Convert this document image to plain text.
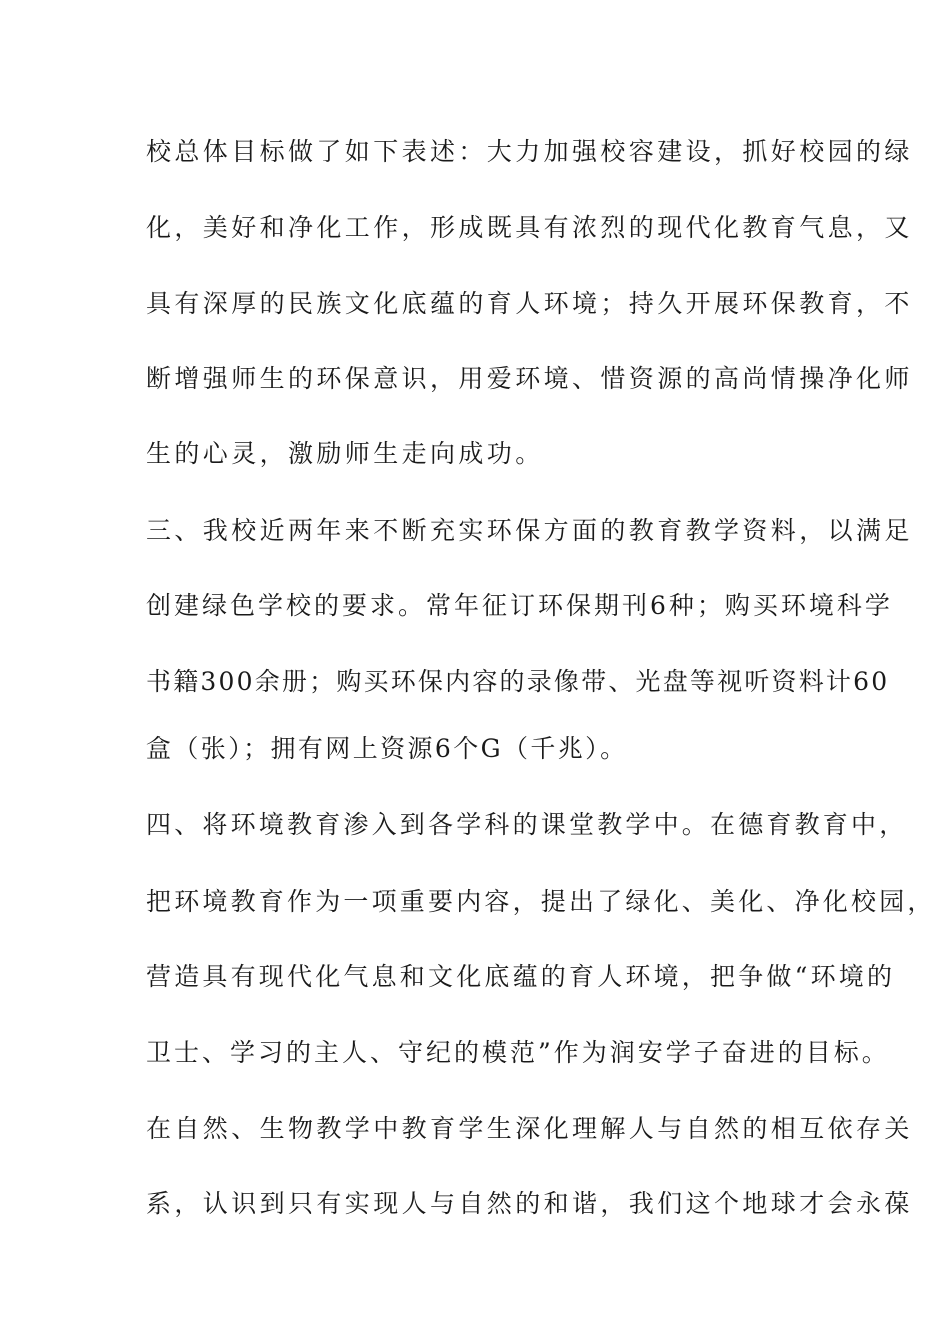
校总体目标做了如下表述：大力加强校容建设，抓好校园的绿
化，美好和净化工作，形成既具有浓烈的现代化教育气息，又
具有深厚的民族文化底蕴的育人环境；持久开展环保教育，不
断增强师生的环保意识，用爱环境、惜资源的高尚情操净化师
生的心灵，激励师生走向成功。
三、我校近两年来不断充实环保方面的教育教学资料，以满足
创建绿色学校的要求。常年征订环保期刊6种；购买环境科学
书籍300余册；购买环保内容的录像带、光盘等视听资料计60
盒（张）；拥有网上资源6个G（千兆）。
四、将环境教育渗入到各学科的课堂教学中。在德育教育中，
把环境教育作为一项重要内容，提出了绿化、美化、净化校园，
营造具有现代化气息和文化底蕴的育人环境，把争做“环境的
卫士、学习的主人、守纪的模范”作为润安学子奋进的目标。
在自然、生物教学中教育学生深化理解人与自然的相互依存关
系，认识到只有实现人与自然的和谐，我们这个地球才会永葆
